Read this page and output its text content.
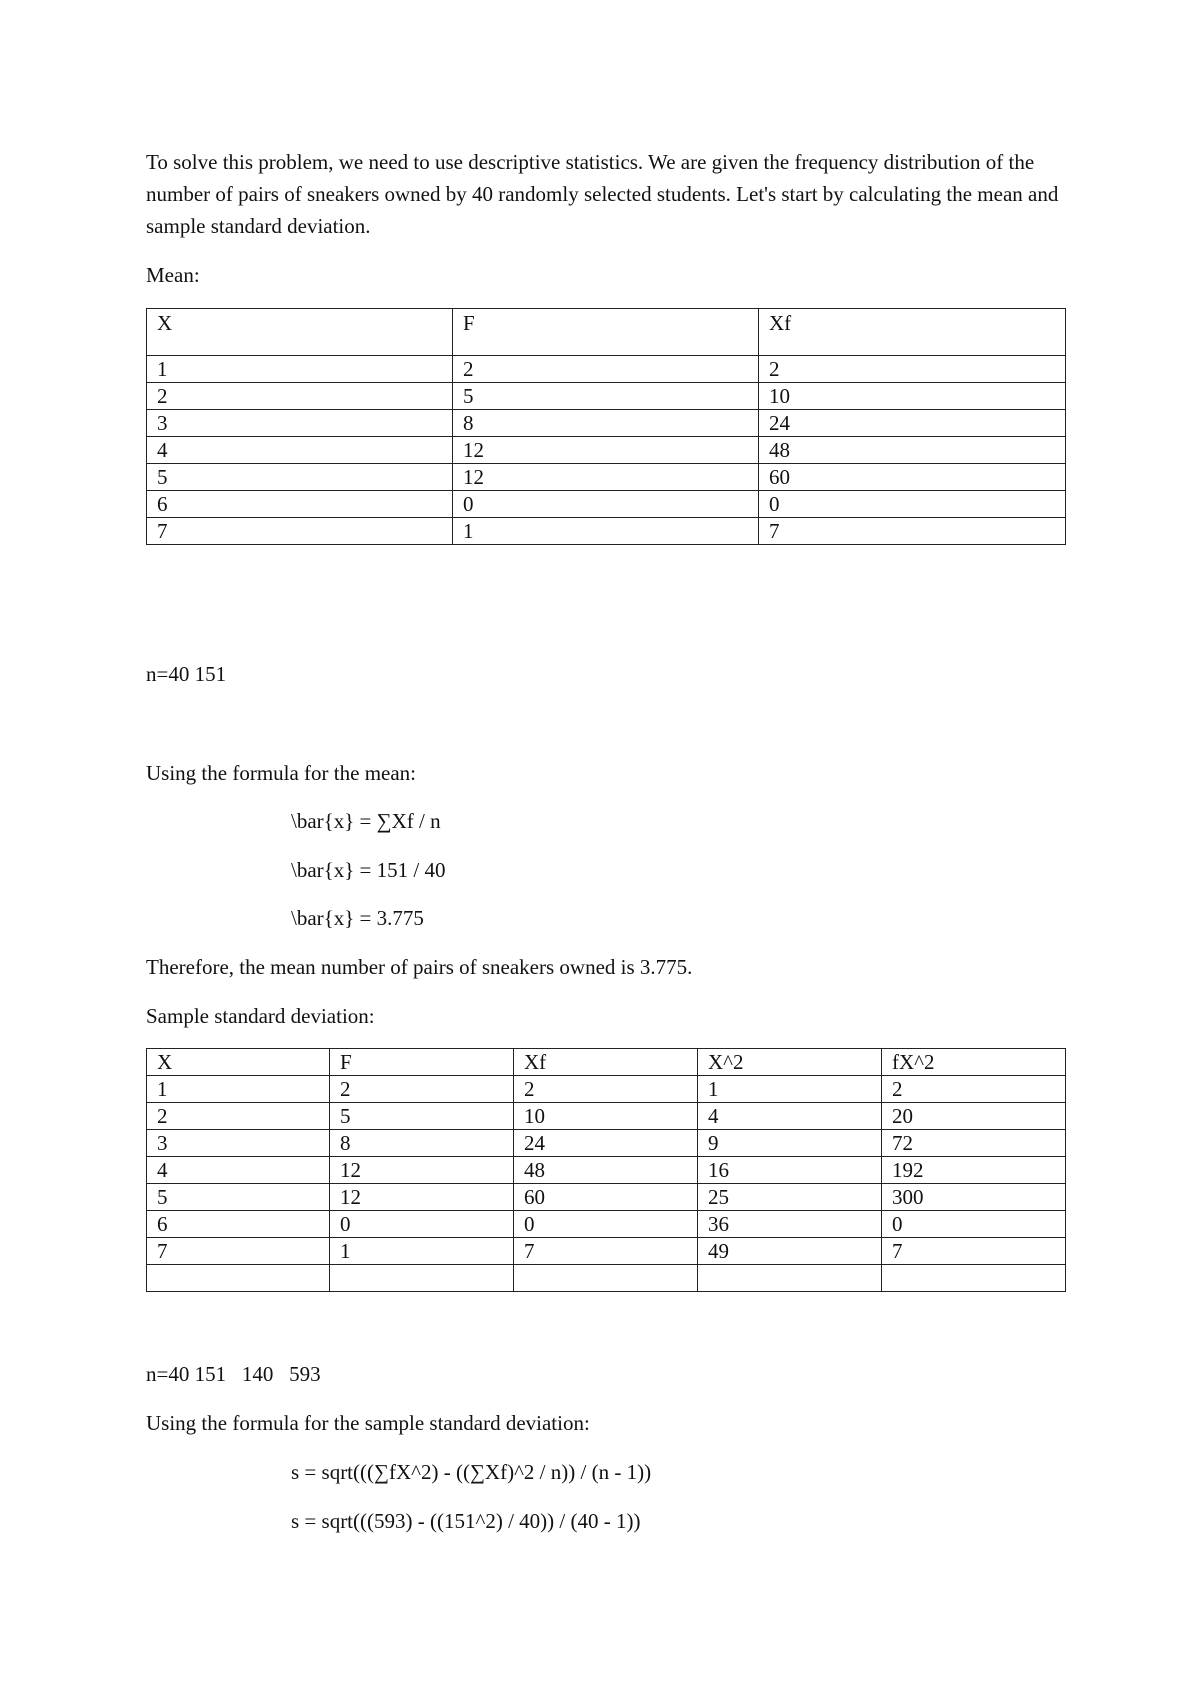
To solve this problem, we need to use descriptive statistics. We are given the frequency distribution of the number of pairs of sneakers owned by 40 randomly selected students. Let's start by calculating the mean and sample standard deviation.

Mean:
X	F	Xf
1	2	2
2	5	10
3	8	24
4	12	48
5	12	60
6	0	0
7	1	7
n=40 151
Using the formula for the mean:
\bar{x} = ∑Xf / n
\bar{x} = 151 / 40
\bar{x} = 3.775
Therefore, the mean number of pairs of sneakers owned is 3.775.
Sample standard deviation:
X	F	Xf	X^2	fX^2
1	2	2	1	2
2	5	10	4	20
3	8	24	9	72
4	12	48	16	192
5	12	60	25	300
6	0	0	36	0
7	1	7	49	7

n=40 151   140   593
Using the formula for the sample standard deviation:
s = sqrt(((∑fX^2) - ((∑Xf)^2 / n)) / (n - 1))
s = sqrt(((593) - ((151^2) / 40)) / (40 - 1))
